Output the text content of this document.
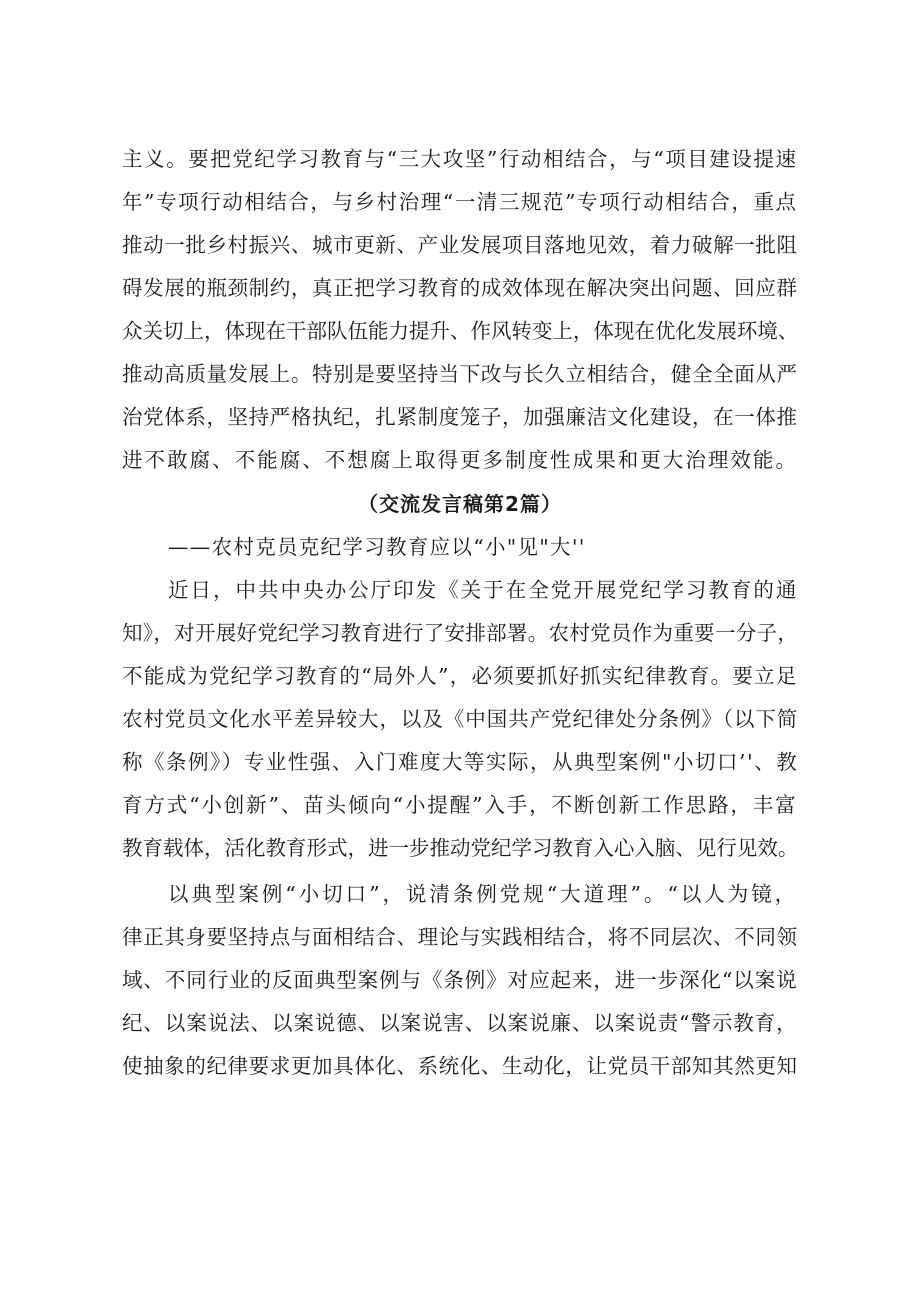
主义。要把党纪学习教育与“三大攻坚”行动相结合，与“项目建设提速
年”专项行动相结合，与乡村治理“一清三规范”专项行动相结合，重点
推动一批乡村振兴、城市更新、产业发展项目落地见效，着力破解一批阻
碍发展的瓶颈制约，真正把学习教育的成效体现在解决突出问题、回应群
众关切上，体现在干部队伍能力提升、作风转变上，体现在优化发展环境、
推动高质量发展上。特别是要坚持当下改与长久立相结合，健全全面从严
治党体系，坚持严格执纪，扎紧制度笼子，加强廉洁文化建设，在一体推
进不敢腐、不能腐、不想腐上取得更多制度性成果和更大治理效能。
（交流发言稿第2篇）
——农村克员克纪学习教育应以“小"见"大''
近日，中共中央办公厅印发《关于在全党开展党纪学习教育的通
知》，对开展好党纪学习教育进行了安排部署。农村党员作为重要一分子，
不能成为党纪学习教育的“局外人”，必须要抓好抓实纪律教育。要立足
农村党员文化水平差异较大，以及《中国共产党纪律处分条例》（以下简
称《条例》）专业性强、入门难度大等实际，从典型案例"小切口’'、教
育方式“小创新”、苗头倾向“小提醒”入手，不断创新工作思路，丰富
教育载体，活化教育形式，进一步推动党纪学习教育入心入脑、见行见效。
以典型案例“小切口”，说清条例党规“大道理”。“以人为镜，
律正其身要坚持点与面相结合、理论与实践相结合，将不同层次、不同领
域、不同行业的反面典型案例与《条例》对应起来，进一步深化“以案说
纪、以案说法、以案说德、以案说害、以案说廉、以案说责“警示教育，
使抽象的纪律要求更加具体化、系统化、生动化，让党员干部知其然更知
